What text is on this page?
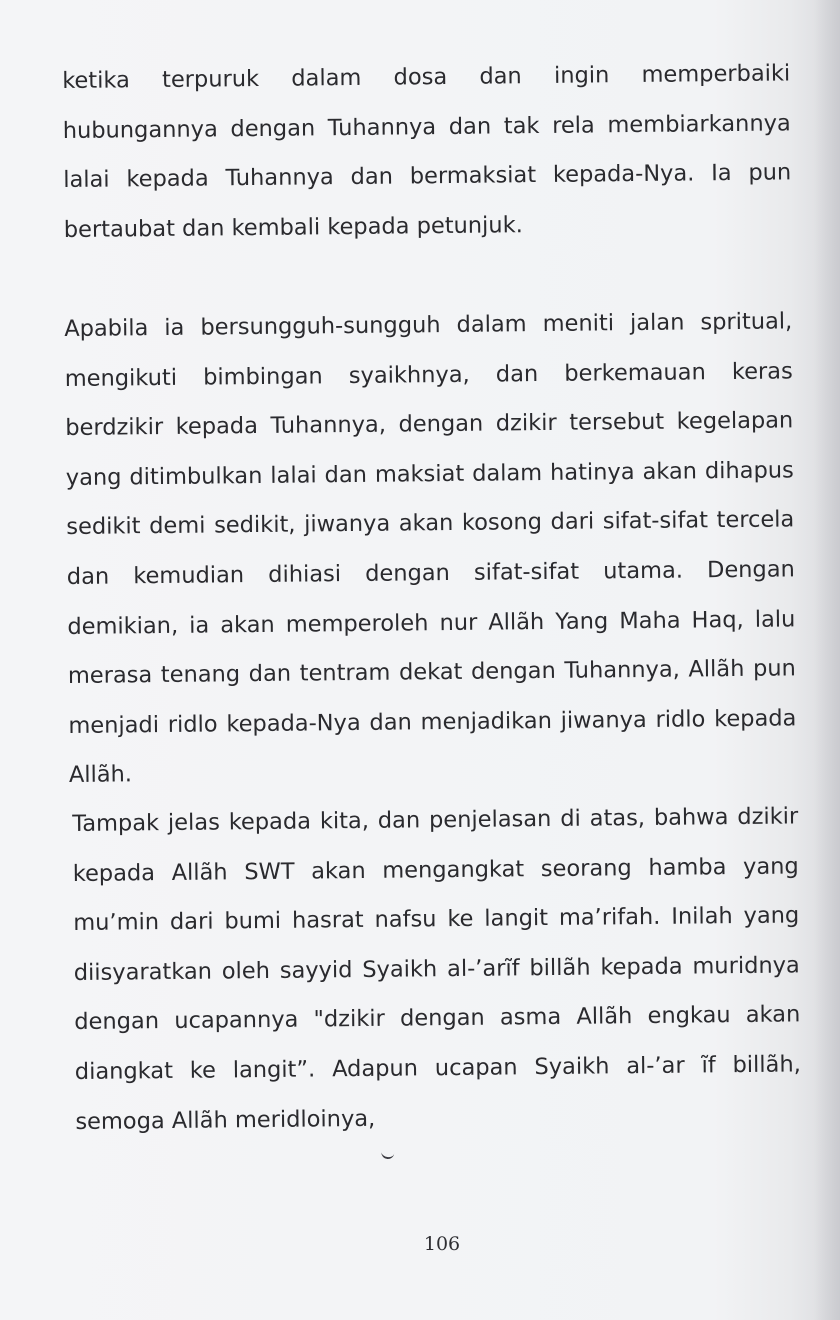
ketika terpuruk dalam dosa dan ingin memperbaiki hubungannya dengan Tuhannya dan tak rela membiarkannya lalai kepada Tuhannya dan bermaksiat kepada-Nya. Ia pun bertaubat dan kembali kepada petunjuk.

Apabila ia bersungguh-sungguh dalam meniti jalan spritual, mengikuti bimbingan syaikhnya, dan berkemauan keras berdzikir kepada Tuhannya, dengan dzikir tersebut kegelapan yang ditimbulkan lalai dan maksiat dalam hatinya akan dihapus sedikit demi sedikit, jiwanya akan kosong dari sifat-sifat tercela dan kemudian dihiasi dengan sifat-sifat utama. Dengan demikian, ia akan memperoleh nur Allãh Yang Maha Haq, lalu merasa tenang dan tentram dekat dengan Tuhannya, Allãh pun menjadi ridlo kepada-Nya dan menjadikan jiwanya ridlo kepada Allãh.

Tampak jelas kepada kita, dan penjelasan di atas, bahwa dzikir kepada Allãh SWT akan mengangkat seorang hamba yang mu’min dari bumi hasrat nafsu ke langit ma’rifah. Inilah yang diisyaratkan oleh sayyid Syaikh al-’arĩf billãh kepada muridnya dengan ucapannya "dzikir dengan asma Allãh engkau akan diangkat ke langit”. Adapun ucapan Syaikh al-’ar ĩf billãh, semoga Allãh meridloinya,

106
